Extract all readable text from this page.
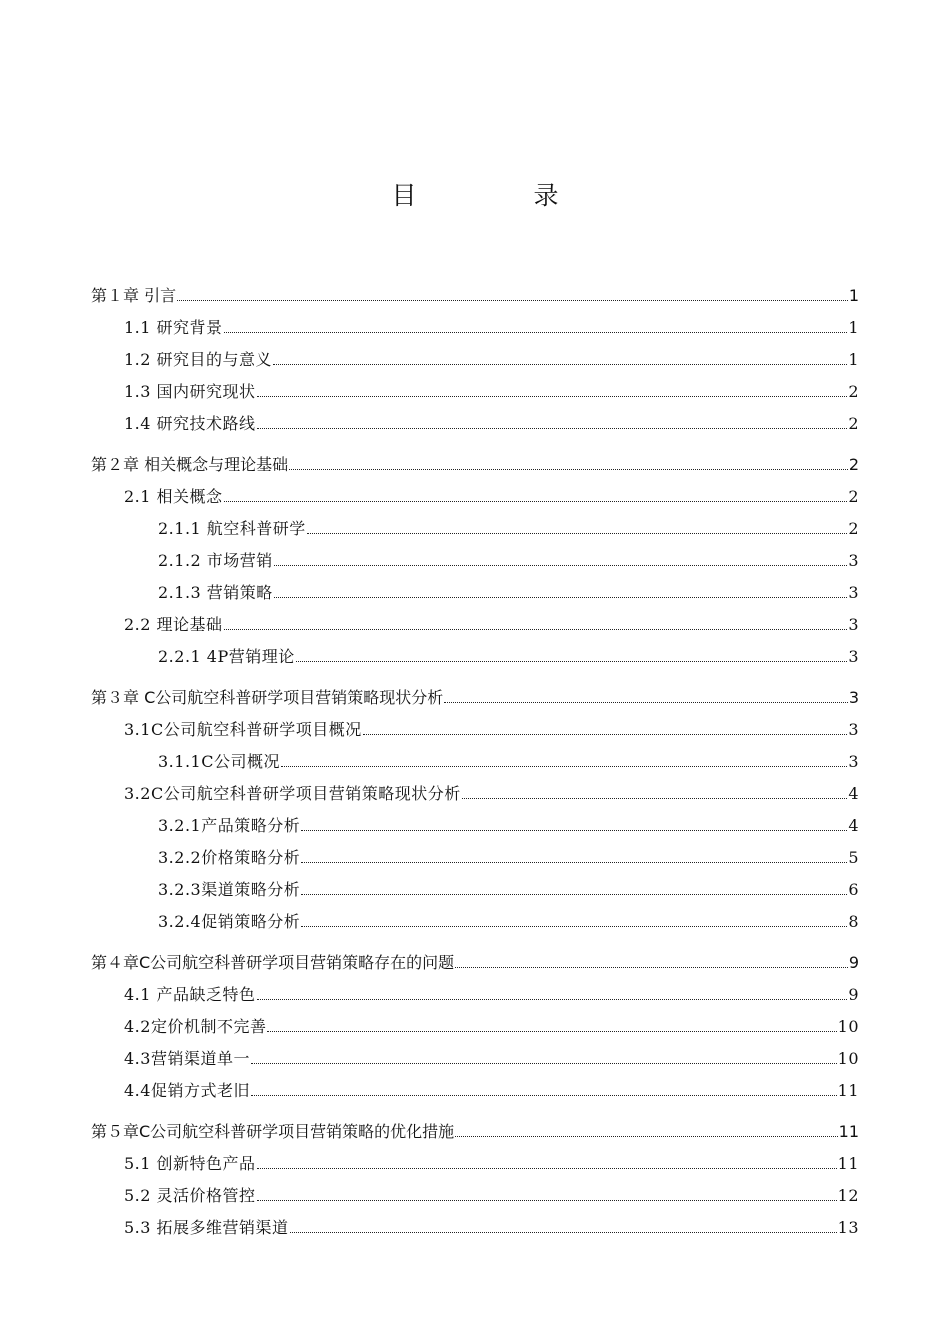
目　录
第１章 引言	1
1.1 研究背景	1
1.2 研究目的与意义	1
1.3 国内研究现状	2
1.4 研究技术路线	2
第２章 相关概念与理论基础	2
2.1 相关概念	2
2.1.1 航空科普研学	2
2.1.2 市场营销	3
2.1.3 营销策略	3
2.2 理论基础	3
2.2.1 4P营销理论	3
第３章 C公司航空科普研学项目营销策略现状分析	3
3.1C公司航空科普研学项目概况	3
3.1.1C公司概况	3
3.2C公司航空科普研学项目营销策略现状分析	4
3.2.1产品策略分析	4
3.2.2价格策略分析	5
3.2.3渠道策略分析	6
3.2.4促销策略分析	8
第４章C公司航空科普研学项目营销策略存在的问题	9
4.1 产品缺乏特色	9
4.2定价机制不完善	10
4.3营销渠道单一	10
4.4促销方式老旧	11
第５章C公司航空科普研学项目营销策略的优化措施	11
5.1 创新特色产品	11
5.2 灵活价格管控	12
5.3 拓展多维营销渠道	13
